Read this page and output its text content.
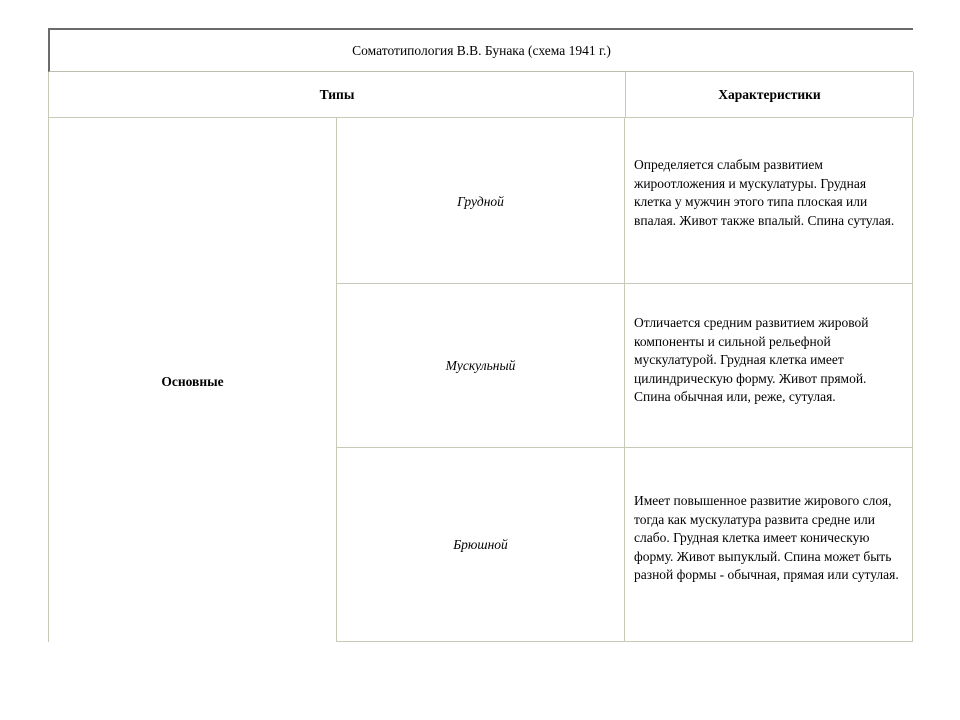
Соматотипология В.В. Бунака (схема 1941 г.)
Типы	Характеристики
Основные
Грудной
Определяется слабым развитием жироотложения и мускулатуры. Грудная клетка у мужчин этого типа плоская или впалая. Живот также впалый. Спина сутулая.
Мускульный
Отличается средним развитием жировой компоненты и сильной рельефной мускулатурой. Грудная клетка имеет цилиндрическую форму. Живот прямой. Спина обычная или, реже, сутулая.
Брюшной
Имеет повышенное развитие жирового слоя, тогда как мускулатура развита средне или слабо. Грудная клетка имеет коническую форму. Живот выпуклый. Спина может быть разной формы - обычная, прямая или сутулая.
